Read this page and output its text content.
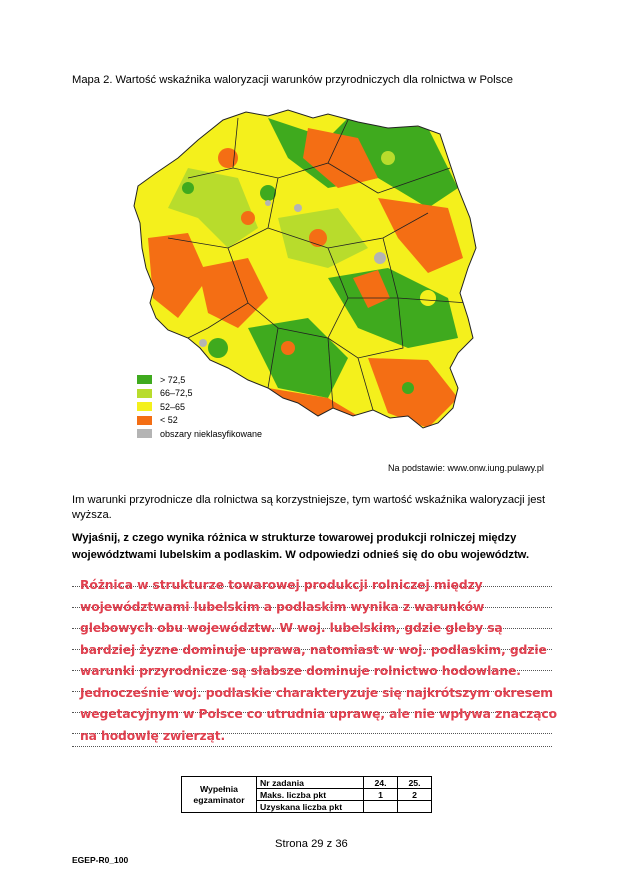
Mapa 2. Wartość wskaźnika waloryzacji warunków przyrodniczych dla rolnictwa w Polsce
> 72,5
66–72,5
52–65
< 52
obszary nieklasyfikowane
Na podstawie: www.onw.iung.pulawy.pl
Im warunki przyrodnicze dla rolnictwa są korzystniejsze, tym wartość wskaźnika waloryzacji jest wyższa.
Wyjaśnij, z czego wynika różnica w strukturze towarowej produkcji rolniczej między województwami lubelskim a podlaskim. W odpowiedzi odnieś się do obu województw.
Różnica w strukturze towarowej produkcji rolniczej między województwami lubelskim a podlaskim wynika z warunków glebowych obu województw. W woj. lubelskim, gdzie gleby są bardziej żyzne dominuje uprawa, natomiast w woj. podlaskim, gdzie warunki przyrodnicze są słabsze dominuje rolnictwo hodowlane. Jednocześnie woj. podlaskie charakteryzuje się najkrótszym okresem wegetacyjnym w Polsce co utrudnia uprawę, ale nie wpływa znacząco na hodowlę zwierząt.
Wypełnia egzaminator	Nr zadania	24.	25.
	Maks. liczba pkt	1	2
	Uzyskana liczba pkt		
Strona 29 z 36
EGEP-R0_100
